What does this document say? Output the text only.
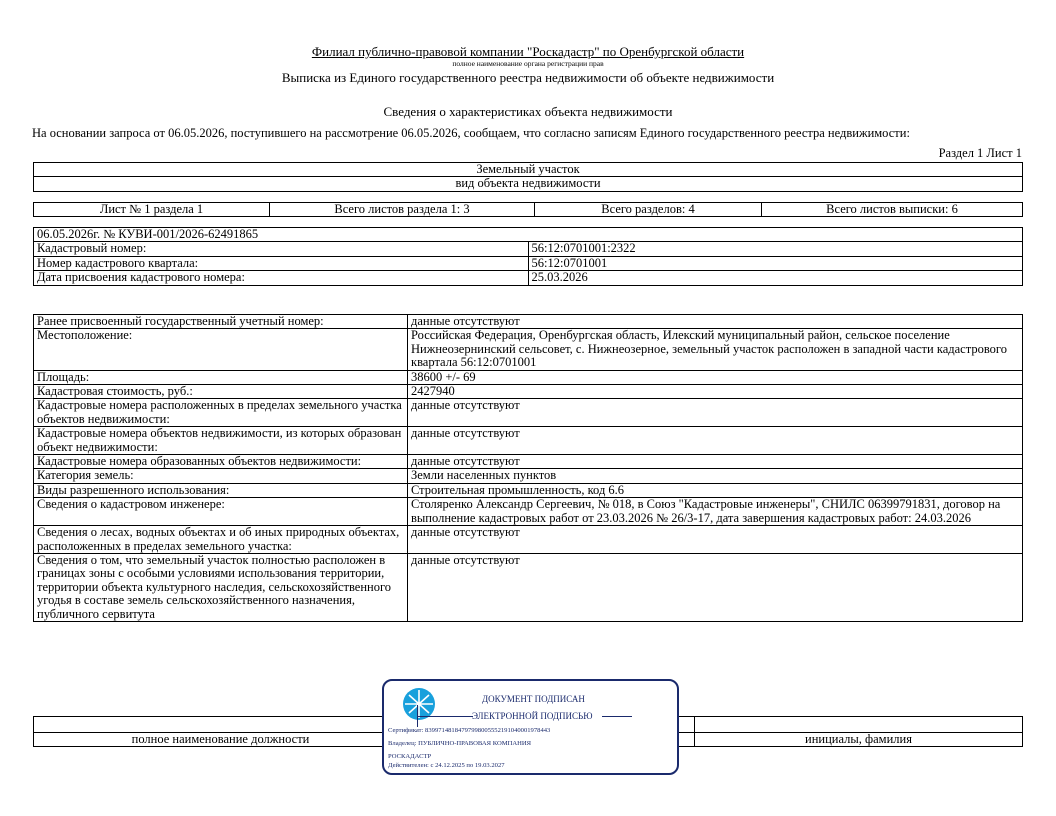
Филиал публично-правовой компании "Роскадастр" по Оренбургской области
полное наименование органа регистрации прав
Выписка из Единого государственного реестра недвижимости об объекте недвижимости
Сведения о характеристиках объекта недвижимости
На основании запроса от 06.05.2026, поступившего на рассмотрение 06.05.2026, сообщаем, что согласно записям Единого государственного реестра недвижимости:
Раздел 1 Лист 1
Земельный участок
вид объекта недвижимости
Лист № 1 раздела 1	Всего листов раздела 1: 3	Всего разделов: 4	Всего листов выписки: 6
06.05.2026г. № КУВИ-001/2026-62491865	
Кадастровый номер:	56:12:0701001:2322
Номер кадастрового квартала:	56:12:0701001
Дата присвоения кадастрового номера:	25.03.2026
Ранее присвоенный государственный учетный номер:	данные отсутствуют
Местоположение:	Российская Федерация, Оренбургская область, Илекский муниципальный район, сельское поселение Нижнеозернинский сельсовет, с. Нижнеозерное, земельный участок расположен в западной части кадастрового квартала 56:12:0701001
Площадь:	38600 +/- 69
Кадастровая стоимость, руб.:	2427940
Кадастровые номера расположенных в пределах земельного участка объектов недвижимости:	данные отсутствуют
Кадастровые номера объектов недвижимости, из которых образован объект недвижимости:	данные отсутствуют
Кадастровые номера образованных объектов недвижимости:	данные отсутствуют
Категория земель:	Земли населенных пунктов
Виды разрешенного использования:	Строительная промышленность, код 6.6
Сведения о кадастровом инженере:	Столяренко Александр Сергеевич, № 018, в Союз "Кадастровые инженеры", СНИЛС 06399791831, договор на выполнение кадастровых работ от 23.03.2026 № 26/3-17, дата завершения кадастровых работ: 24.03.2026
Сведения о лесах, водных объектах и об иных природных объектах, расположенных в пределах земельного участка:	данные отсутствуют
Сведения о том, что земельный участок полностью расположен в границах зоны с особыми условиями использования территории, территории объекта культурного наследия, сельскохозяйственного угодья в составе земель сельскохозяйственного назначения, публичного сервитута	данные отсутствуют

полное наименование должности		инициалы, фамилия
ДОКУМЕНТ ПОДПИСАН
ЭЛЕКТРОННОЙ ПОДПИСЬЮ
Сертификат: 839971481847979980055521910400019784​43
Владелец: ПУБЛИЧНО-ПРАВОВАЯ КОМПАНИЯ
РОСКАДАСТР
Действителен: с 24.12.2025 по 19.03.2027
